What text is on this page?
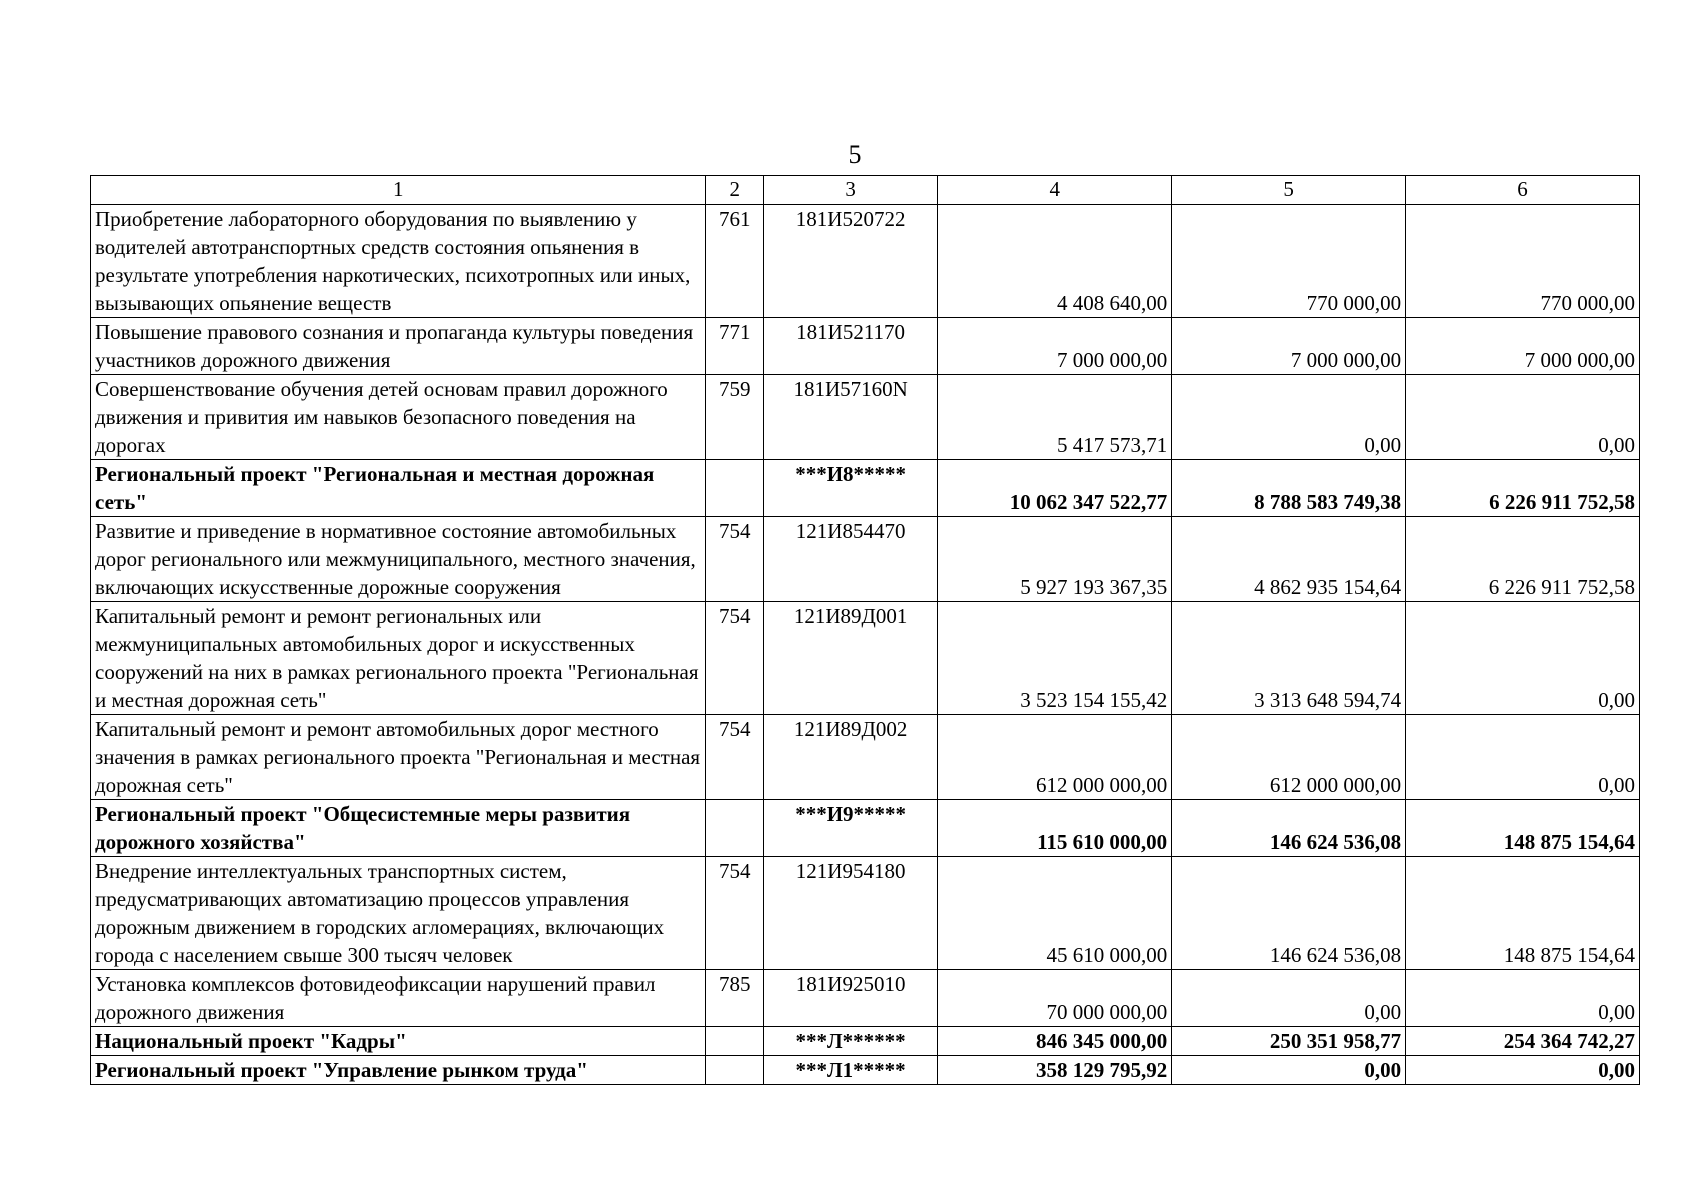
5
1	2	3	4	5	6
Приобретение лабораторного оборудования по выявлению у водителей автотранспортных средств состояния опьянения в результате употребления наркотических, психотропных или иных, вызывающих опьянение веществ	761	181И520722	4 408 640,00	770 000,00	770 000,00
Повышение правового сознания и пропаганда культуры поведения участников дорожного движения	771	181И521170	7 000 000,00	7 000 000,00	7 000 000,00
Совершенствование обучения детей основам правил дорожного движения и привития им навыков безопасного поведения на дорогах	759	181И57160N	5 417 573,71	0,00	0,00
Региональный проект "Региональная и местная дорожная сеть"		***И8*****	10 062 347 522,77	8 788 583 749,38	6 226 911 752,58
Развитие и приведение в нормативное состояние автомобильных дорог регионального или межмуниципального, местного значения, включающих искусственные дорожные сооружения	754	121И854470	5 927 193 367,35	4 862 935 154,64	6 226 911 752,58
Капитальный ремонт и ремонт региональных или межмуниципальных автомобильных дорог и искусственных сооружений на них в рамках регионального проекта "Региональная и местная дорожная сеть"	754	121И89Д001	3 523 154 155,42	3 313 648 594,74	0,00
Капитальный ремонт и ремонт автомобильных дорог местного значения в рамках регионального проекта "Региональная и местная дорожная сеть"	754	121И89Д002	612 000 000,00	612 000 000,00	0,00
Региональный проект "Общесистемные меры развития дорожного хозяйства"		***И9*****	115 610 000,00	146 624 536,08	148 875 154,64
Внедрение интеллектуальных транспортных систем, предусматривающих автоматизацию процессов управления дорожным движением в городских агломерациях, включающих города с населением свыше 300 тысяч человек	754	121И954180	45 610 000,00	146 624 536,08	148 875 154,64
Установка комплексов фотовидеофиксации нарушений правил дорожного движения	785	181И925010	70 000 000,00	0,00	0,00
Национальный проект "Кадры"		***Л******	846 345 000,00	250 351 958,77	254 364 742,27
Региональный проект "Управление рынком труда"		***Л1*****	358 129 795,92	0,00	0,00
